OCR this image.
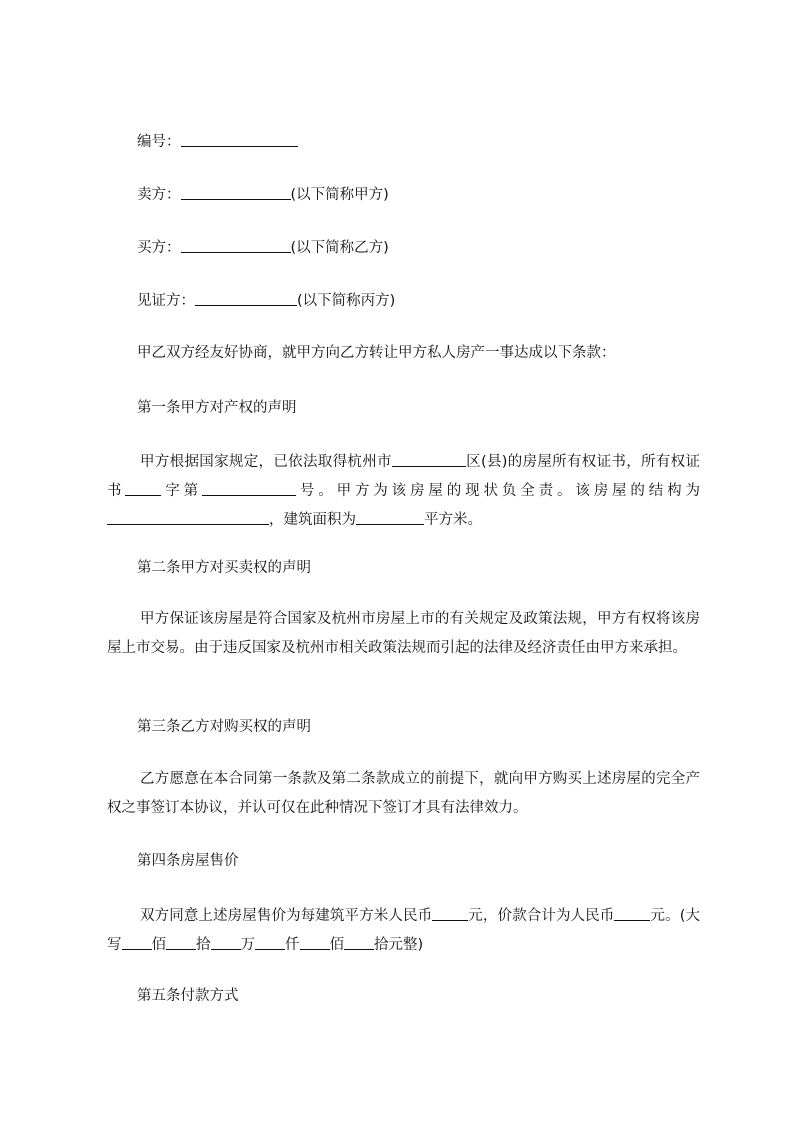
编号：
卖方：	(以下简称甲方)
买方：	(以下简称乙方)
见证方：	(以下简称丙方)
甲乙双方经友好协商，就甲方向乙方转让甲方私人房产一事达成以下条款：
第一条甲方对产权的声明
甲方根据国家规定，已依法取得杭州市	区(县)的房屋所有权证书，所有权证书 字第	号。甲方为该房屋的现状负全责。该房屋的结构为，建筑面积为	平方米。
第二条甲方对买卖权的声明
甲方保证该房屋是符合国家及杭州市房屋上市的有关规定及政策法规，甲方有权将该房屋上市交易。由于违反国家及杭州市相关政策法规而引起的法律及经济责任由甲方来承担。
第三条乙方对购买权的声明
乙方愿意在本合同第一条款及第二条款成立的前提下，就向甲方购买上述房屋的完全产权之事签订本协议，并认可仅在此种情况下签订才具有法律效力。
第四条房屋售价
双方同意上述房屋售价为每建筑平方米人民币 元，价款合计为人民币 元。(大写 佰 拾 万 仟 佰 拾元整)
第五条付款方式
